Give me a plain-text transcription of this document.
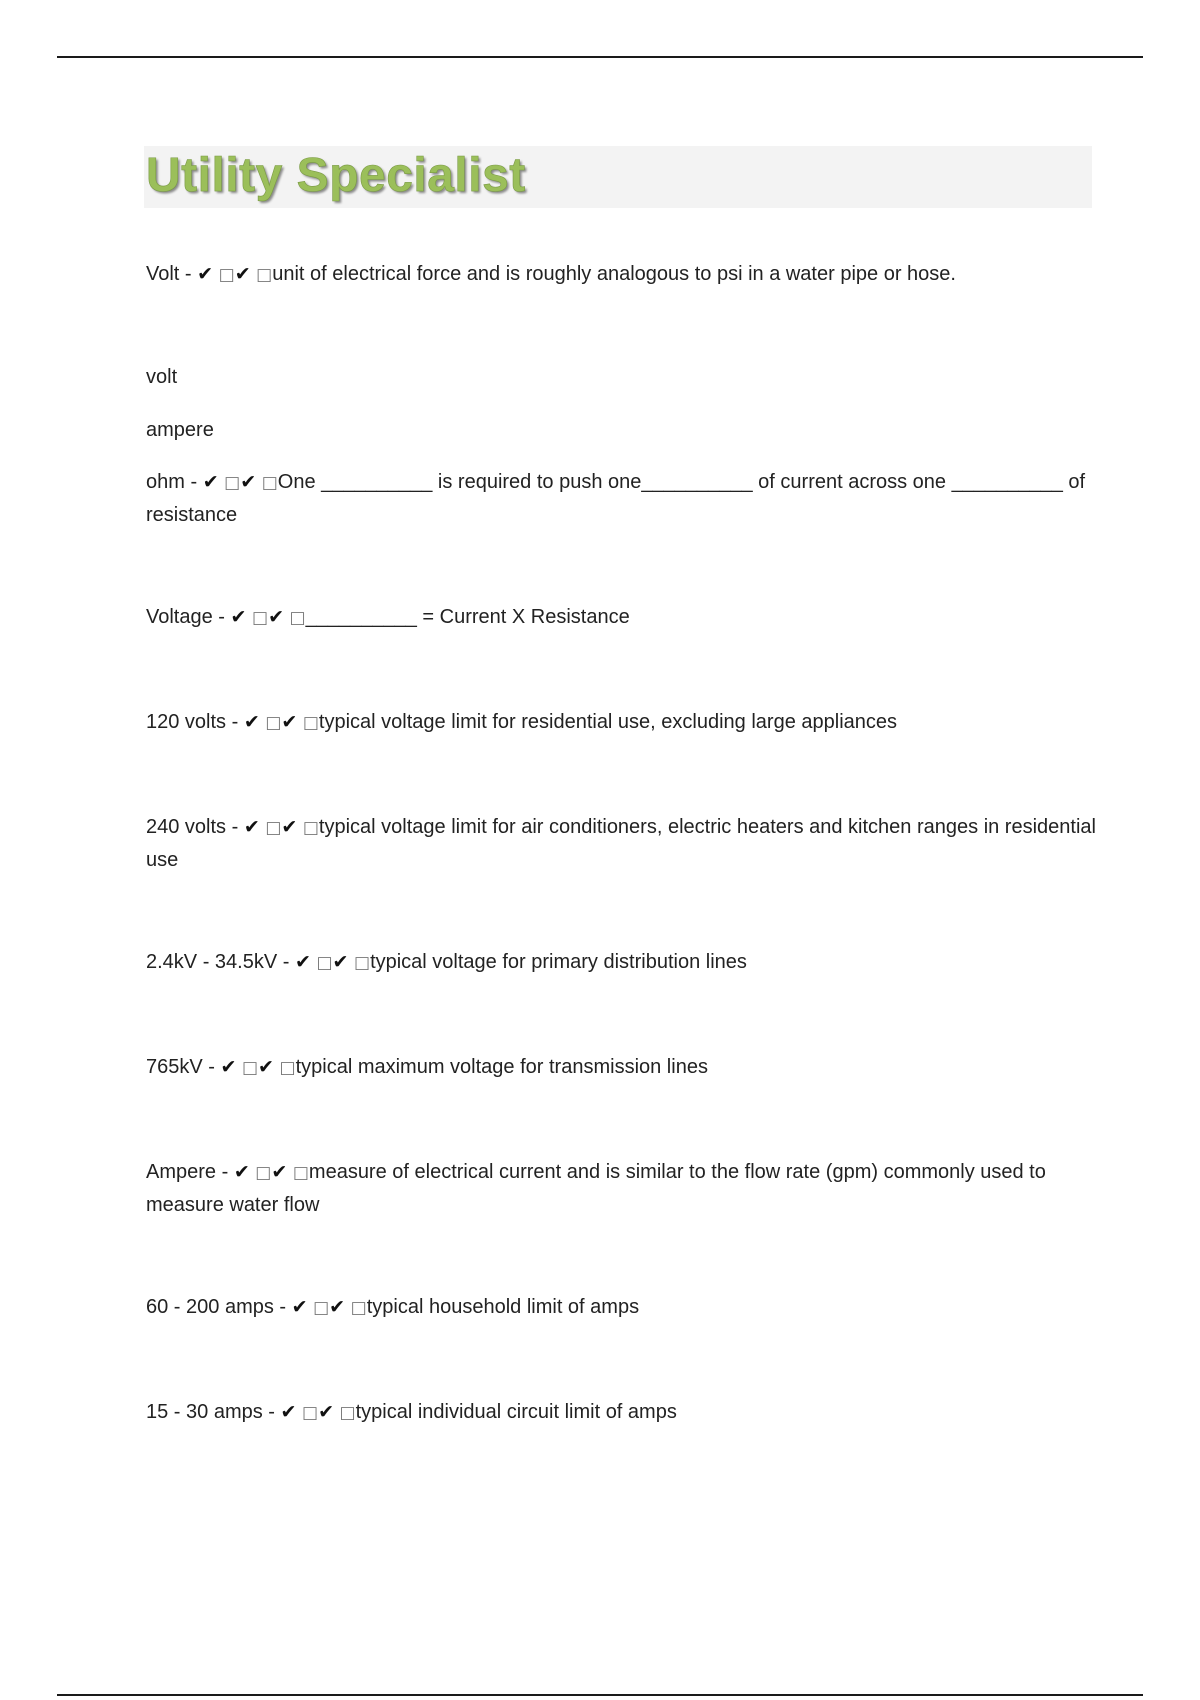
Utility Specialist
Volt - ✔ □✔ □unit of electrical force and is roughly analogous to psi in a water pipe or hose.
volt
ampere
ohm - ✔ □✔ □One __________ is required to push one__________ of current across one __________ of resistance
Voltage - ✔ □✔ □__________ = Current X Resistance
120 volts - ✔ □✔ □typical voltage limit for residential use, excluding large appliances
240 volts - ✔ □✔ □typical voltage limit for air conditioners, electric heaters and kitchen ranges in residential use
2.4kV - 34.5kV - ✔ □✔ □typical voltage for primary distribution lines
765kV - ✔ □✔ □typical maximum voltage for transmission lines
Ampere - ✔ □✔ □measure of electrical current and is similar to the flow rate (gpm) commonly used to measure water flow
60 - 200 amps - ✔ □✔ □typical household limit of amps
15 - 30 amps - ✔ □✔ □typical individual circuit limit of amps
